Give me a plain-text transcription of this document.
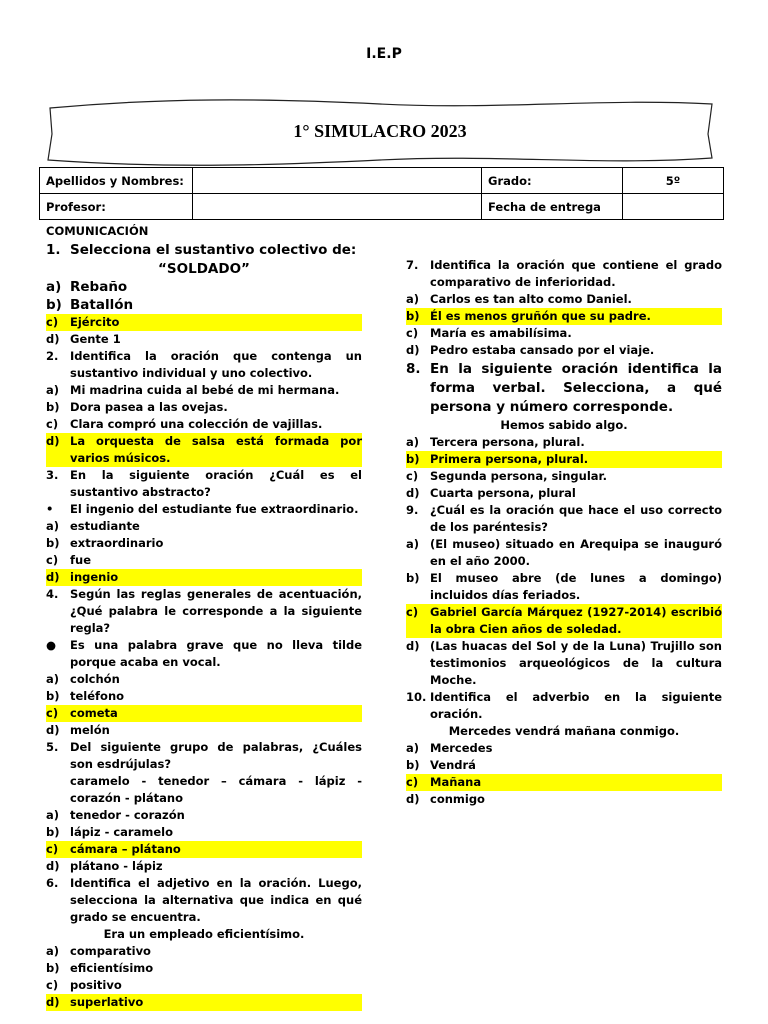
I.E.P
1° SIMULACRO 2023
Apellidos y Nombres:		Grado:	5º
Profesor:		Fecha de entrega	
COMUNICACIÓN
1. Selecciona el sustantivo colectivo de:
“SOLDADO”
a) Rebaño
b) Batallón
c)	Ejército
d) Gente 1
2.	Identifica la oración que contenga un sustantivo individual y uno colectivo.
a) Mi madrina cuida al bebé de mi hermana.
b) Dora pasea a las ovejas.
c)	Clara compró una colección de vajillas.
d) La orquesta de salsa está formada por varios músicos.
3.	En la siguiente oración ¿Cuál es el sustantivo abstracto?
•	El ingenio del estudiante fue extraordinario.
a) estudiante
b) extraordinario
c)	fue
d) ingenio
4.	Según las reglas generales de acentuación, ¿Qué palabra le corresponde a la siguiente regla?
●	Es una palabra grave que no lleva tilde porque acaba en vocal.
a) colchón
b) teléfono
c)	cometa
d) melón
5.	Del siguiente grupo de palabras, ¿Cuáles son esdrújulas?
caramelo - tenedor – cámara - lápiz - corazón - plátano
a) tenedor - corazón
b) lápiz - caramelo
c)	cámara – plátano
d) plátano - lápiz
6.	Identifica el adjetivo en la oración. Luego, selecciona la alternativa que indica en qué grado se encuentra.
Era un empleado eficientísimo.
a) comparativo
b) eficientísimo
c)	positivo
d) superlativo
7.	Identifica la oración que contiene el grado comparativo de inferioridad.
a) Carlos es tan alto como Daniel.
b) Él es menos gruñón que su padre.
c)	María es amabilísima.
d) Pedro estaba cansado por el viaje.
8. En la siguiente oración identifica la forma verbal. Selecciona, a qué persona y número corresponde.
Hemos sabido algo.
a) Tercera persona, plural.
b) Primera persona, plural.
c)	Segunda persona, singular.
d) Cuarta persona, plural
9.	¿Cuál es la oración que hace el uso correcto de los paréntesis?
a) (El museo) situado en Arequipa se inauguró en el año 2000.
b) El museo abre (de lunes a domingo) incluidos días feriados.
c)	Gabriel García Márquez (1927-2014) escribió la obra Cien años de soledad.
d) (Las huacas del Sol y de la Luna) Trujillo son testimonios arqueológicos de la cultura Moche.
10. Identifica el adverbio en la siguiente oración.
Mercedes vendrá mañana conmigo.
a) Mercedes
b) Vendrá
c)	Mañana
d) conmigo
